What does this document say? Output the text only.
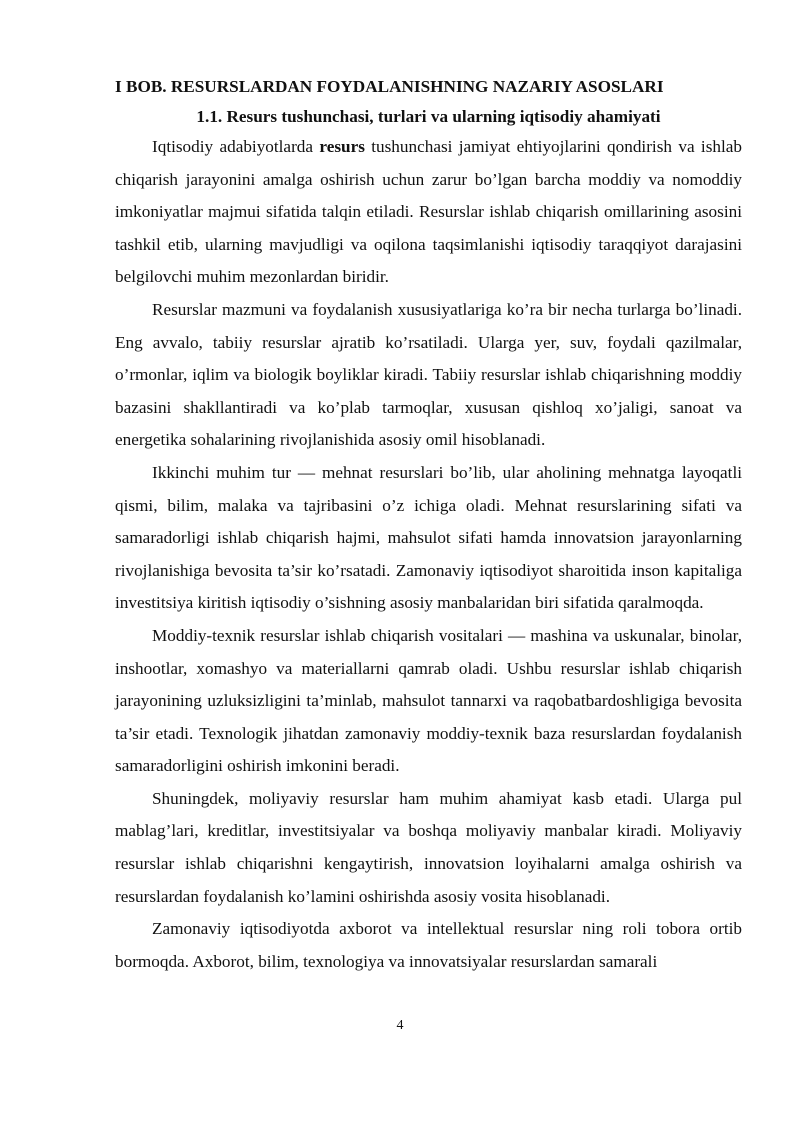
I BOB. RESURSLARDAN FOYDALANISHNING NAZARIY ASOSLARI
1.1. Resurs tushunchasi, turlari va ularning iqtisodiy ahamiyati

Iqtisodiy adabiyotlarda resurs tushunchasi jamiyat ehtiyojlarini qondirish va ishlab chiqarish jarayonini amalga oshirish uchun zarur bo’lgan barcha moddiy va nomoddiy imkoniyatlar majmui sifatida talqin etiladi. Resurslar ishlab chiqarish omillarining asosini tashkil etib, ularning mavjudligi va oqilona taqsimlanishi iqtisodiy taraqqiyot darajasini belgilovchi muhim mezonlardan biridir.

Resurslar mazmuni va foydalanish xususiyatlariga ko’ra bir necha turlarga bo’linadi. Eng avvalo, tabiiy resurslar ajratib ko’rsatiladi. Ularga yer, suv, foydali qazilmalar, o’rmonlar, iqlim va biologik boyliklar kiradi. Tabiiy resurslar ishlab chiqarishning moddiy bazasini shakllantiradi va ko’plab tarmoqlar, xususan qishloq xo’jaligi, sanoat va energetika sohalarining rivojlanishida asosiy omil hisoblanadi.

Ikkinchi muhim tur — mehnat resurslari bo’lib, ular aholining mehnatga layoqatli qismi, bilim, malaka va tajribasini o’z ichiga oladi. Mehnat resurslarining sifati va samaradorligi ishlab chiqarish hajmi, mahsulot sifati hamda innovatsion jarayonlarning rivojlanishiga bevosita ta’sir ko’rsatadi. Zamonaviy iqtisodiyot sharoitida inson kapitaliga investitsiya kiritish iqtisodiy o’sishning asosiy manbalaridan biri sifatida qaralmoqda.

Moddiy-texnik resurslar ishlab chiqarish vositalari — mashina va uskunalar, binolar, inshootlar, xomashyo va materiallarni qamrab oladi. Ushbu resurslar ishlab chiqarish jarayonining uzluksizligini ta’minlab, mahsulot tannarxi va raqobatbardoshligiga bevosita ta’sir etadi. Texnologik jihatdan zamonaviy moddiy-texnik baza resurslardan foydalanish samaradorligini oshirish imkonini beradi.

Shuningdek, moliyaviy resurslar ham muhim ahamiyat kasb etadi. Ularga pul mablag’lari, kreditlar, investitsiyalar va boshqa moliyaviy manbalar kiradi. Moliyaviy resurslar ishlab chiqarishni kengaytirish, innovatsion loyihalarni amalga oshirish va resurslardan foydalanish ko’lamini oshirishda asosiy vosita hisoblanadi.

Zamonaviy iqtisodiyotda axborot va intellektual resurslar ning roli tobora ortib bormoqda. Axborot, bilim, texnologiya va innovatsiyalar resurslardan samarali

4
